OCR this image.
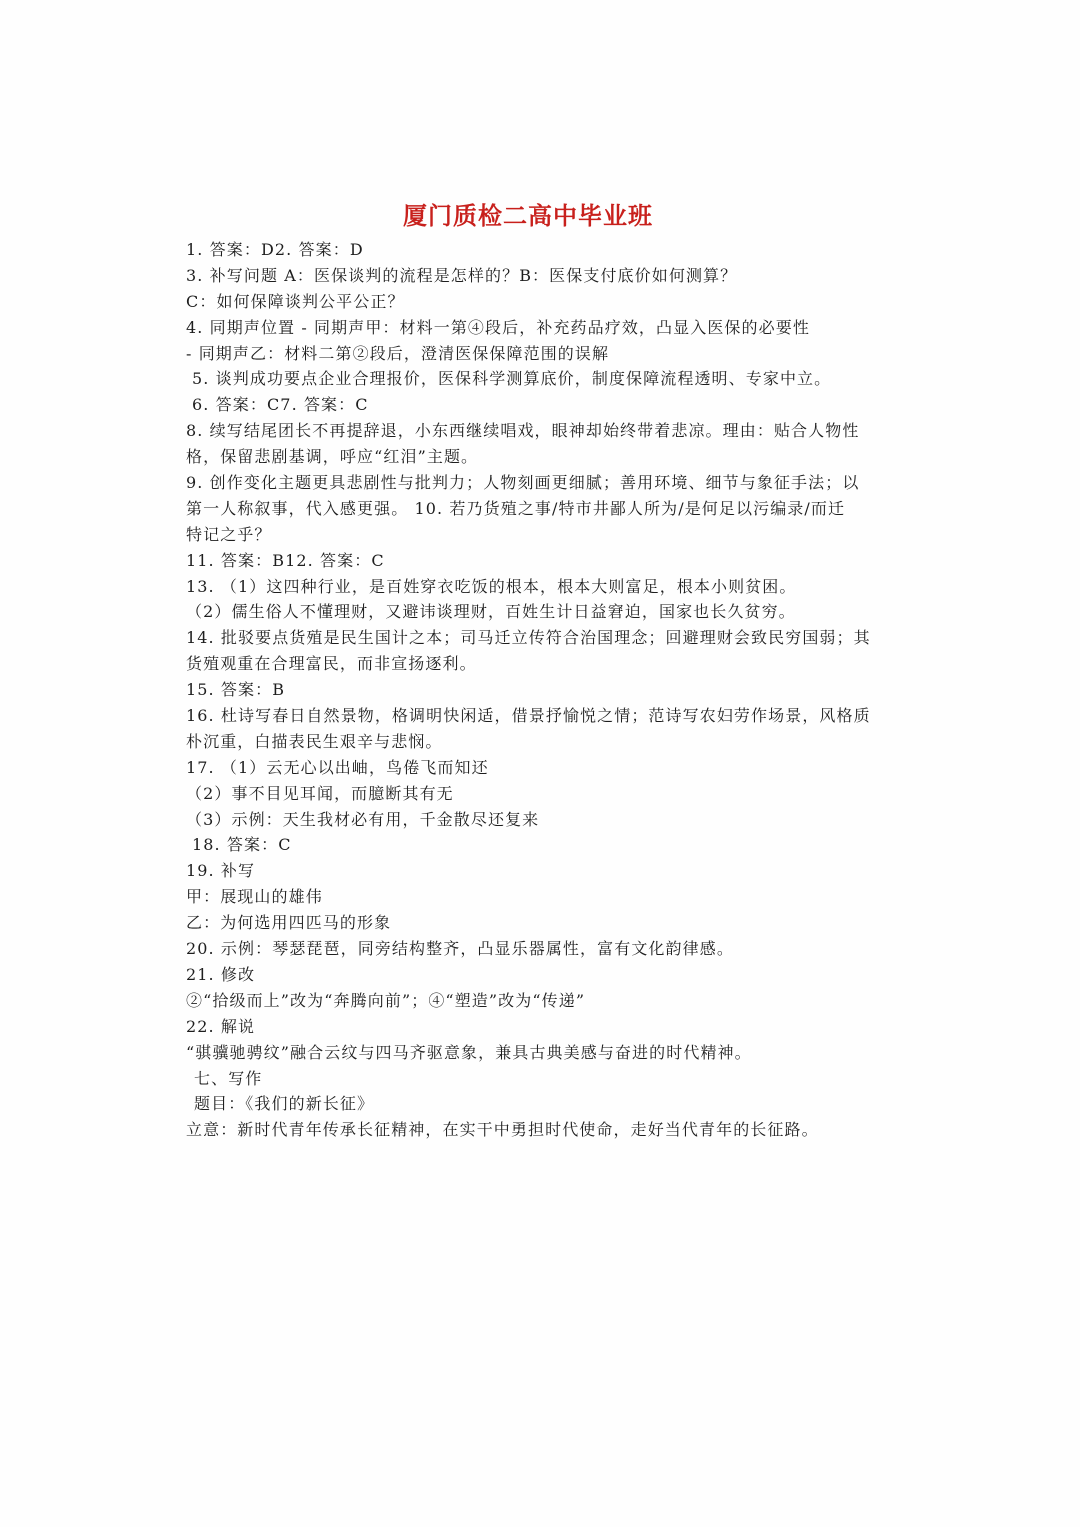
厦门质检二高中毕业班
1. 答案：D2. 答案：D
3. 补写问题 A：医保谈判的流程是怎样的？B：医保支付底价如何测算？
C：如何保障谈判公平公正？
4. 同期声位置 - 同期声甲：材料一第④段后，补充药品疗效，凸显入医保的必要性
- 同期声乙：材料二第②段后，澄清医保保障范围的误解
5. 谈判成功要点企业合理报价，医保科学测算底价，制度保障流程透明、专家中立。
6. 答案：C7. 答案：C
8. 续写结尾团长不再提辞退，小东西继续唱戏，眼神却始终带着悲凉。理由：贴合人物性
格，保留悲剧基调，呼应“红泪”主题。
9. 创作变化主题更具悲剧性与批判力；人物刻画更细腻；善用环境、细节与象征手法；以
第一人称叙事，代入感更强。 10. 若乃货殖之事/特市井鄙人所为/是何足以污编录/而迁
特记之乎？
11. 答案：B12. 答案：C
13. （1）这四种行业，是百姓穿衣吃饭的根本，根本大则富足，根本小则贫困。
（2）儒生俗人不懂理财，又避讳谈理财，百姓生计日益窘迫，国家也长久贫穷。
14. 批驳要点货殖是民生国计之本；司马迁立传符合治国理念；回避理财会致民穷国弱；其
货殖观重在合理富民，而非宣扬逐利。
15. 答案：B
16. 杜诗写春日自然景物，格调明快闲适，借景抒愉悦之情；范诗写农妇劳作场景，风格质
朴沉重，白描表民生艰辛与悲悯。
17. （1）云无心以出岫，鸟倦飞而知还
（2）事不目见耳闻，而臆断其有无
（3）示例：天生我材必有用，千金散尽还复来
18. 答案：C
19. 补写
甲：展现山的雄伟
乙：为何选用四匹马的形象
20. 示例：琴瑟琵琶，同旁结构整齐，凸显乐器属性，富有文化韵律感。
21. 修改
②“拾级而上”改为“奔腾向前”；④“塑造”改为“传递”
22. 解说
“骐骥驰骋纹”融合云纹与四马齐驱意象，兼具古典美感与奋进的时代精神。
七、写作
题目：《我们的新长征》
立意：新时代青年传承长征精神，在实干中勇担时代使命，走好当代青年的长征路。
